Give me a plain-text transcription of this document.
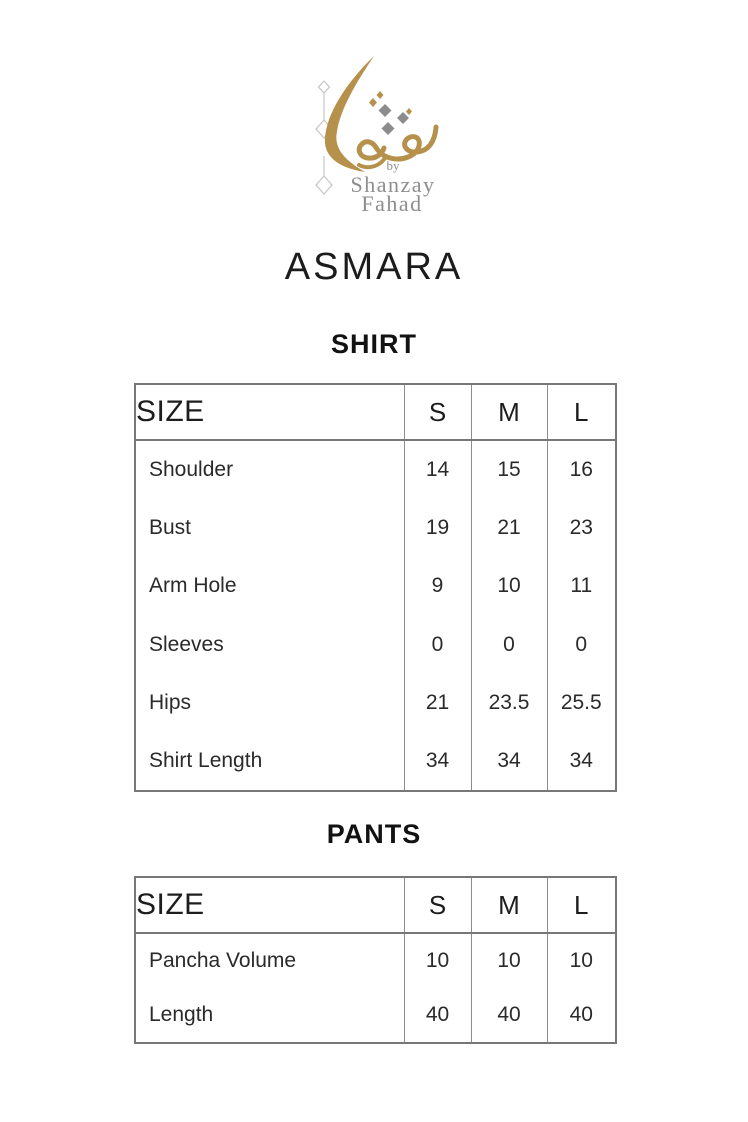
by
Shanzay
Fahad
ASMARA
SHIRT
SIZE	S	M	L
Shoulder	14	15	16
Bust	19	21	23
Arm Hole	9	10	11
Sleeves	0	0	0
Hips	21	23.5	25.5
Shirt Length	34	34	34
PANTS
SIZE	S	M	L
Pancha Volume	10	10	10
Length	40	40	40
